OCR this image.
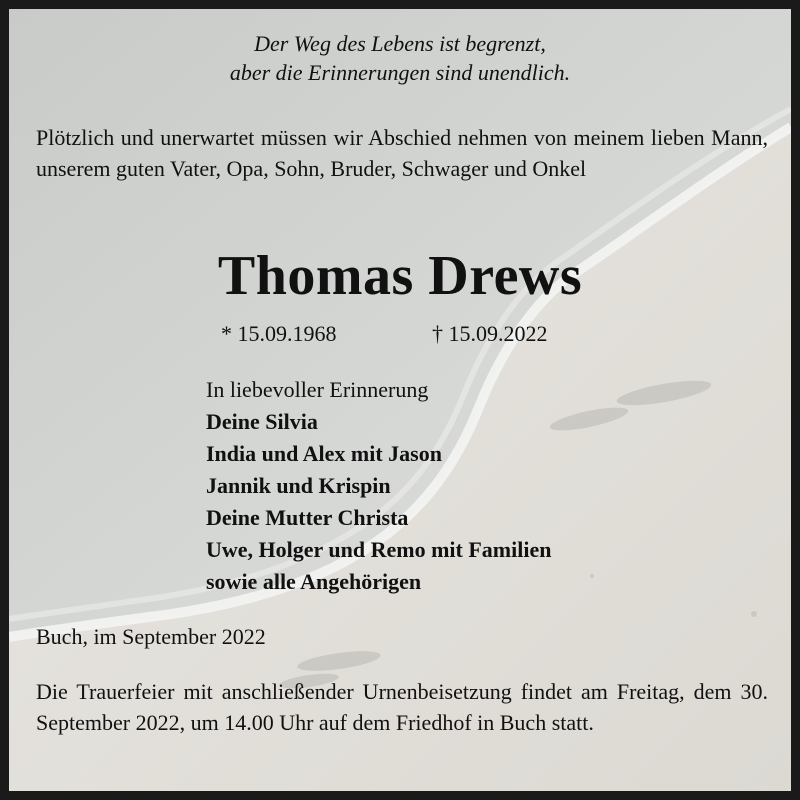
Der Weg des Lebens ist begrenzt,
aber die Erinnerungen sind unendlich.
Plötzlich und unerwartet müssen wir Abschied nehmen von meinem lieben Mann, unserem guten Vater, Opa, Sohn, Bruder, Schwager und Onkel
Thomas Drews
* 15.09.1968	† 15.09.2022
In liebevoller Erinnerung
Deine Silvia
India und Alex mit Jason
Jannik und Krispin
Deine Mutter Christa
Uwe, Holger und Remo mit Familien
sowie alle Angehörigen
Buch, im September 2022
Die Trauerfeier mit anschließender Urnenbeisetzung findet am Freitag, dem 30. September 2022, um 14.00 Uhr auf dem Friedhof in Buch statt.
